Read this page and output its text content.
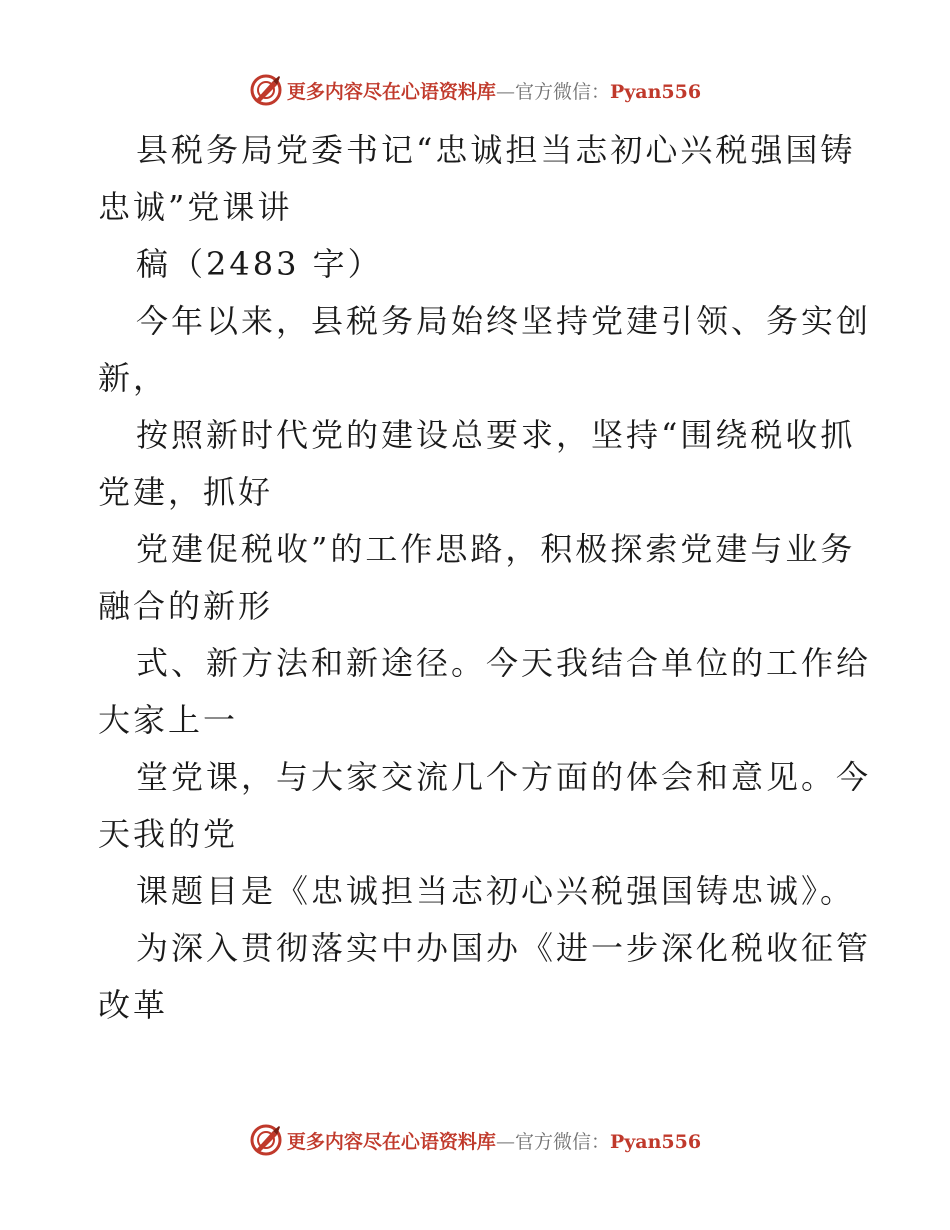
更多内容尽在心语资料库—官方微信：Pyan556
县税务局党委书记“忠诚担当志初心兴税强国铸
忠诚”党课讲
稿（2483 字）
今年以来，县税务局始终坚持党建引领、务实创
新，
按照新时代党的建设总要求，坚持“围绕税收抓
党建，抓好
党建促税收”的工作思路，积极探索党建与业务
融合的新形
式、新方法和新途径。今天我结合单位的工作给
大家上一
堂党课，与大家交流几个方面的体会和意见。今
天我的党
课题目是《忠诚担当志初心兴税强国铸忠诚》。
为深入贯彻落实中办国办《进一步深化税收征管
改革
更多内容尽在心语资料库—官方微信：Pyan556
